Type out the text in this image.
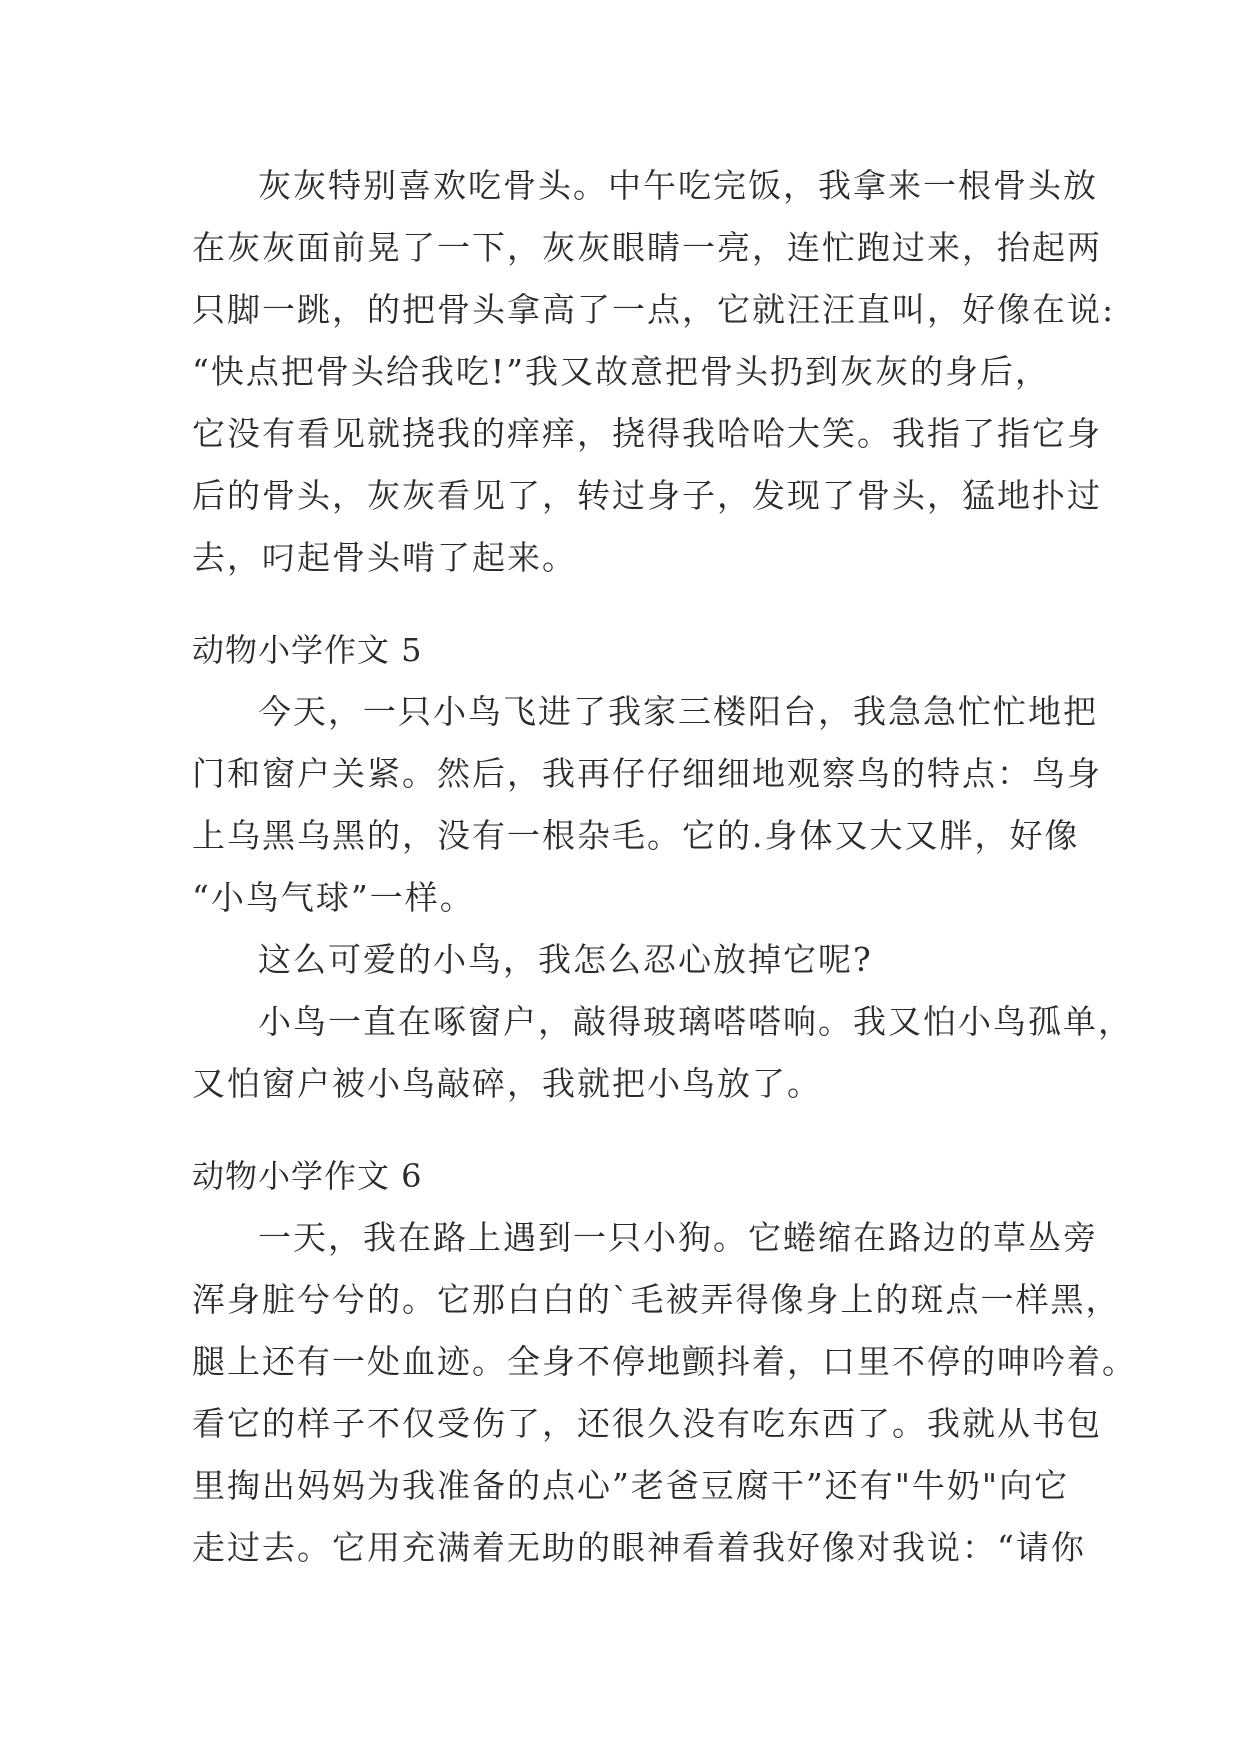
灰灰特别喜欢吃骨头。中午吃完饭，我拿来一根骨头放
在灰灰面前晃了一下，灰灰眼睛一亮，连忙跑过来，抬起两
只脚一跳，的把骨头拿高了一点，它就汪汪直叫，好像在说:
“快点把骨头给我吃!”我又故意把骨头扔到灰灰的身后，
它没有看见就挠我的痒痒，挠得我哈哈大笑。我指了指它身
后的骨头，灰灰看见了，转过身子，发现了骨头，猛地扑过
去，叼起骨头啃了起来。
动物小学作文 5
今天，一只小鸟飞进了我家三楼阳台，我急急忙忙地把
门和窗户关紧。然后，我再仔仔细细地观察鸟的特点：鸟身
上乌黑乌黑的，没有一根杂毛。它的.身体又大又胖，好像
“小鸟气球”一样。
这么可爱的小鸟，我怎么忍心放掉它呢?
小鸟一直在啄窗户，敲得玻璃嗒嗒响。我又怕小鸟孤单，
又怕窗户被小鸟敲碎，我就把小鸟放了。
动物小学作文 6
一天，我在路上遇到一只小狗。它蜷缩在路边的草丛旁
浑身脏兮兮的。它那白白的`毛被弄得像身上的斑点一样黑，
腿上还有一处血迹。全身不停地颤抖着，口里不停的呻吟着。
看它的样子不仅受伤了，还很久没有吃东西了。我就从书包
里掏出妈妈为我准备的点心”老爸豆腐干”还有"牛奶"向它
走过去。它用充满着无助的眼神看着我好像对我说：“请你
